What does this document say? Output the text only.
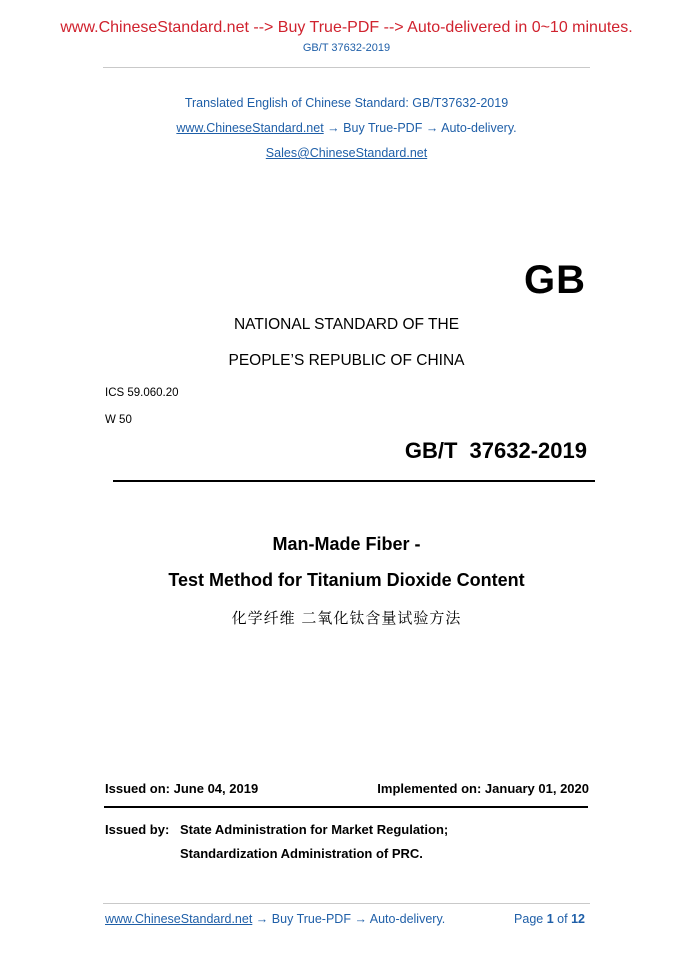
www.ChineseStandard.net --> Buy True-PDF --> Auto-delivered in 0~10 minutes.
GB/T 37632-2019
Translated English of Chinese Standard: GB/T37632-2019
www.ChineseStandard.net → Buy True-PDF → Auto-delivery.
Sales@ChineseStandard.net
GB
NATIONAL STANDARD OF THE
PEOPLE’S REPUBLIC OF CHINA
ICS 59.060.20
W 50
GB/T 37632-2019
Man-Made Fiber -
Test Method for Titanium Dioxide Content
化学纤维 二氧化钛含量试验方法
Issued on: June 04, 2019	Implemented on: January 01, 2020
Issued by: State Administration for Market Regulation;
Standardization Administration of PRC.
www.ChineseStandard.net → Buy True-PDF → Auto-delivery.	Page 1 of 12
